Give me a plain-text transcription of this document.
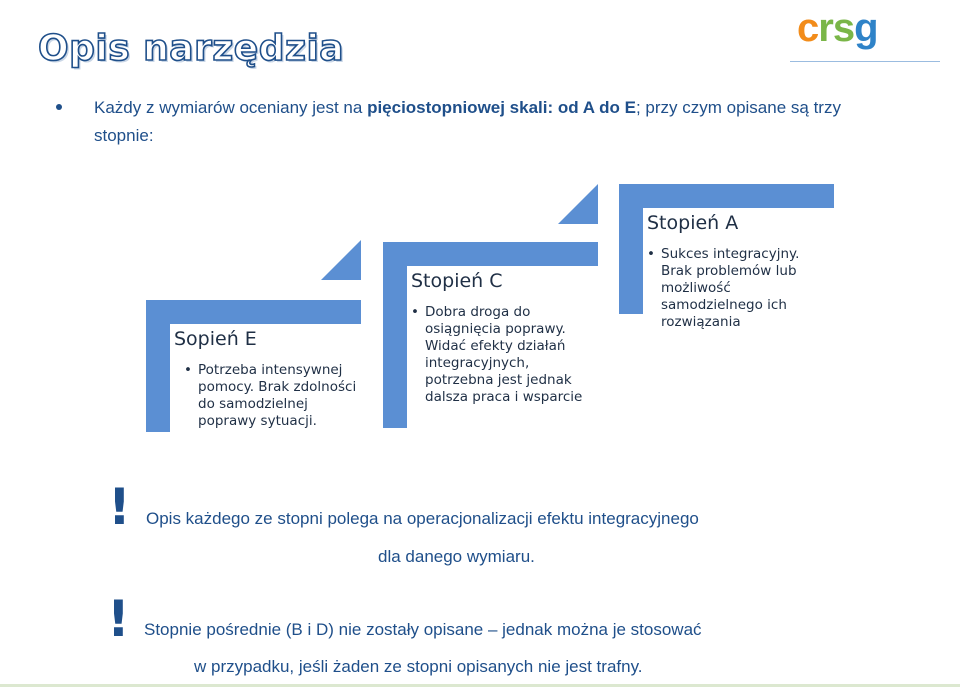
Opis narzędzia	crsg
Każdy z wymiarów oceniany jest na pięciostopniowej skali: od A do E; przy czym opisane są trzy stopnie:
Sopień E
• Potrzeba intensywnej pomocy. Brak zdolności do samodzielnej poprawy sytuacji.
Stopień C
• Dobra droga do osiągnięcia poprawy. Widać efekty działań integracyjnych, potrzebna jest jednak dalsza praca i wsparcie
Stopień A
• Sukces integracyjny. Brak problemów lub możliwość samodzielnego ich rozwiązania
! Opis każdego ze stopni polega na operacjonalizacji efektu integracyjnego
dla danego wymiaru.
! Stopnie pośrednie (B i D) nie zostały opisane – jednak można je stosować
w przypadku, jeśli żaden ze stopni opisanych nie jest trafny.
